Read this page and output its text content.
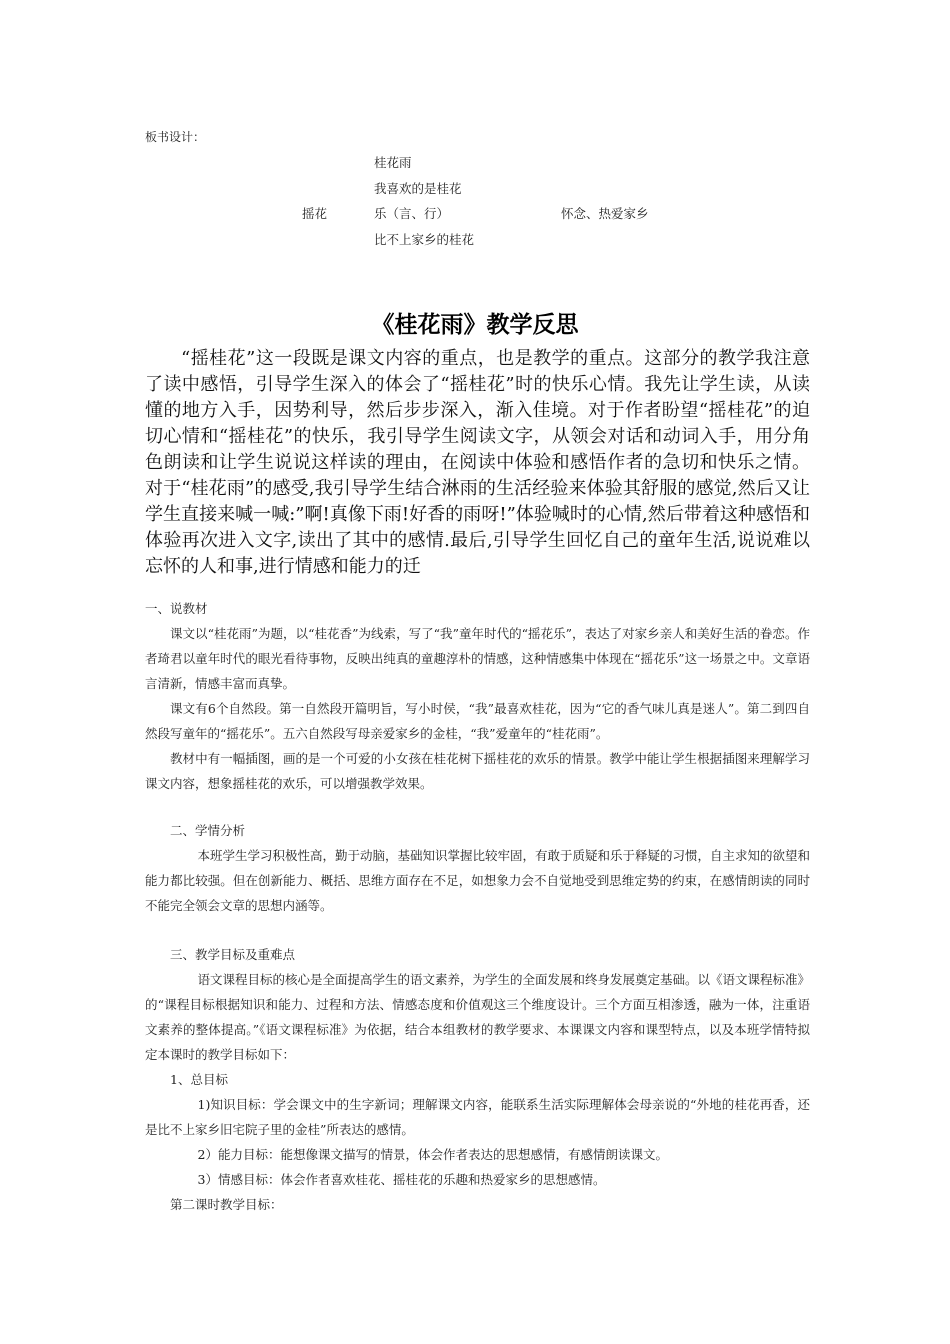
板书设计：
桂花雨
我喜欢的是桂花
摇花	乐（言、行）	怀念、热爱家乡
比不上家乡的桂花
《桂花雨》教学反思

“摇桂花”这一段既是课文内容的重点，也是教学的重点。这部分的教学我注意了读中感悟，引导学生深入的体会了“摇桂花”时的快乐心情。我先让学生读，从读懂的地方入手，因势利导，然后步步深入，渐入佳境。对于作者盼望“摇桂花”的迫切心情和“摇桂花”的快乐，我引导学生阅读文字，从领会对话和动词入手，用分角色朗读和让学生说说这样读的理由，在阅读中体验和感悟作者的急切和快乐之情。对于“桂花雨”的感受,我引导学生结合淋雨的生活经验来体验其舒服的感觉,然后又让学生直接来喊一喊:”啊!真像下雨!好香的雨呀!”体验喊时的心情,然后带着这种感悟和体验再次进入文字,读出了其中的感情.最后,引导学生回忆自己的童年生活,说说难以忘怀的人和事,进行情感和能力的迁

一、说教材

课文以“桂花雨”为题，以“桂花香”为线索，写了“我”童年时代的“摇花乐”，表达了对家乡亲人和美好生活的眷恋。作者琦君以童年时代的眼光看待事物，反映出纯真的童趣淳朴的情感，这种情感集中体现在“摇花乐”这一场景之中。文章语言清新，情感丰富而真挚。

课文有6个自然段。第一自然段开篇明旨，写小时侯，“我”最喜欢桂花，因为“它的香气味儿真是迷人”。第二到四自然段写童年的“摇花乐”。五六自然段写母亲爱家乡的金桂，“我”爱童年的“桂花雨”。

教材中有一幅插图，画的是一个可爱的小女孩在桂花树下摇桂花的欢乐的情景。教学中能让学生根据插图来理解学习课文内容，想象摇桂花的欢乐，可以增强教学效果。

二、学情分析

本班学生学习积极性高，勤于动脑，基础知识掌握比较牢固，有敢于质疑和乐于释疑的习惯，自主求知的欲望和能力都比较强。但在创新能力、概括、思维方面存在不足，如想象力会不自觉地受到思维定势的约束，在感情朗读的同时不能完全领会文章的思想内涵等。

三、教学目标及重难点

语文课程目标的核心是全面提高学生的语文素养，为学生的全面发展和终身发展奠定基础。以《语文课程标准》的“课程目标根据知识和能力、过程和方法、情感态度和价值观这三个维度设计。三个方面互相渗透，融为一体，注重语文素养的整体提高。”《语文课程标准》为依据，结合本组教材的教学要求、本课课文内容和课型特点，以及本班学情特拟定本课时的教学目标如下：

1、总目标

1)知识目标：学会课文中的生字新词；理解课文内容，能联系生活实际理解体会母亲说的“外地的桂花再香，还是比不上家乡旧宅院子里的金桂”所表达的感情。

2）能力目标：能想像课文描写的情景，体会作者表达的思想感情，有感情朗读课文。

3）情感目标：体会作者喜欢桂花、摇桂花的乐趣和热爱家乡的思想感情。

第二课时教学目标：
